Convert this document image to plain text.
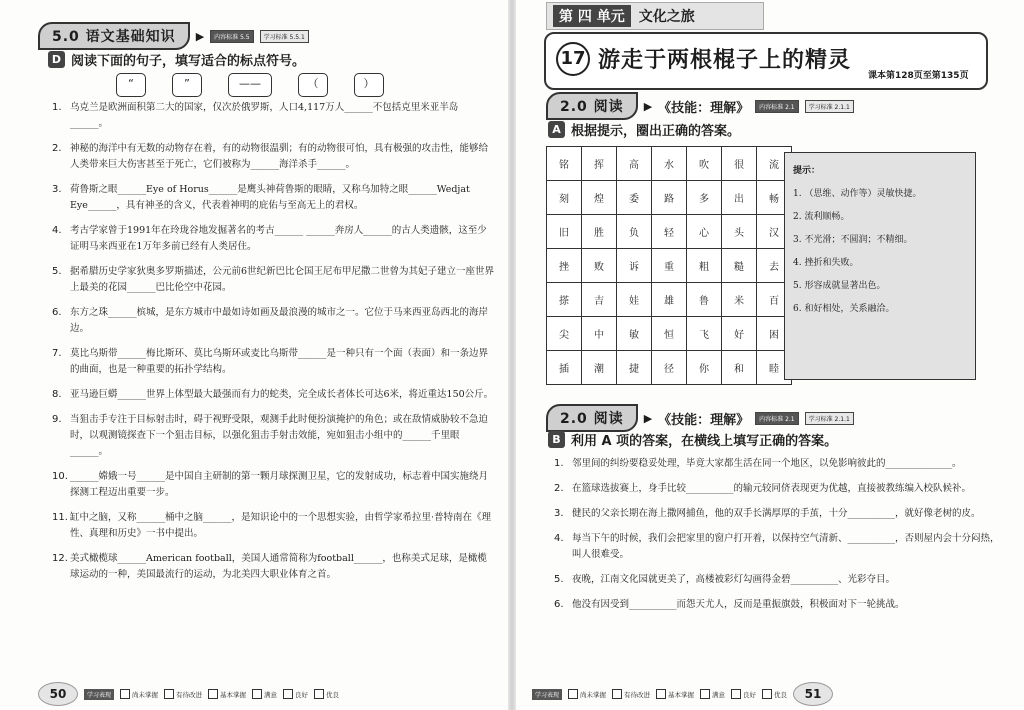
5.0 语文基础知识	▶	内容标准 5.5	学习标准 5.5.1
D 阅读下面的句子，填写适合的标点符号。
“	”	——	（	）
1. 乌克兰是欧洲面积第二大的国家，仅次於俄罗斯，人口4,117万人______不包括克里米亚半岛______。
2. 神秘的海洋中有无数的动物存在着，有的动物很温驯；有的动物很可怕，具有极强的攻击性，能够给人类带来巨大伤害甚至于死亡，它们被称为______海洋杀手______。
3. 荷鲁斯之眼______Eye of Horus______是鹰头神荷鲁斯的眼睛，又称乌加特之眼______Wedjat Eye______，具有神圣的含义，代表着神明的庇佑与至高无上的君权。
4. 考古学家曾于1991年在玲珑谷地发掘著名的考古______ ______奔房人______的古人类遗骸，这至少证明马来西亚在1万年多前已经有人类居住。
5. 据希腊历史学家狄奥多罗斯描述，公元前6世纪新巴比仑国王尼布甲尼撒二世曾为其妃子建立一座世界上最美的花园______巴比伦空中花园。
6. 东方之珠______槟城，是东方城市中最如诗如画及最浪漫的城市之一。它位于马来西亚岛西北的海岸边。
7. 莫比乌斯带______梅比斯环、莫比乌斯环或麦比乌斯带______是一种只有一个面（表面）和一条边界的曲面，也是一种重要的拓扑学结构。
8. 亚马逊巨蟒______世界上体型最大最强而有力的蛇类，完全成长者体长可达6米，将近重达150公斤。
9. 当狙击手专注于目标射击时，碍于视野受限，观测手此时便扮演掩护的角色；或在敌情威胁较不急迫时，以观测镜探查下一个狙击目标，以强化狙击手射击效能，宛如狙击小组中的______千里眼______。
10. ______嫦娥一号______是中国自主研制的第一颗月球探测卫星，它的发射成功，标志着中国实施绕月探测工程迈出重要一步。
11. 缸中之脑，又称______桶中之脑______，是知识论中的一个思想实验，由哲学家希拉里·普特南在《理性、真理和历史》一书中提出。
12. 美式橄榄球______American football，美国人通常简称为football______，也称美式足球，是橄榄球运动的一种，美国最流行的运动，为北美四大职业体育之首。
50	学习表现	尚未掌握	有待改进	基本掌握	满意	良好	优良
第 四 单元	文化之旅
17 游走于两根棍子上的精灵
课本第128页至第135页
2.0 阅读	▶ 《技能：理解》	内容标准 2.1	学习标准 2.1.1
A 根据提示，圈出正确的答案。
铭	挥	高	水	吹	很	流
刻	煌	委	路	多	出	畅
旧	胜	负	轻	心	头	汉
挫	败	诉	重	粗	糙	去
搽	吉	娃	雄	鲁	米	百
尖	中	敏	恒	飞	好	困
插	潮	捷	径	你	和	睦
提示：
1. （思维、动作等）灵敏快捷。
2. 流利顺畅。
3. 不光滑；不圆润；不精细。
4. 挫折和失败。
5. 形容成就显著出色。
6. 和好相处，关系融洽。
2.0 阅读	▶ 《技能：理解》	内容标准 2.1	学习标准 2.1.1
B 利用 A 项的答案，在横线上填写正确的答案。
1. 邻里间的纠纷要稳妥处理，毕竟大家都生活在同一个地区，以免影响彼此的______________。
2. 在篮球选拔赛上，身手比较__________的输元较同侪表现更为优越，直接被教练编入校队候补。
3. 健民的父亲长期在海上撒网捕鱼，他的双手长满厚厚的手茧，十分__________，就好像老树的皮。
4. 每当下午的时候，我们会把家里的窗户打开着，以保持空气清新、__________，否则屋内会十分闷热，叫人很难受。
5. 夜晚，江南文化园就更美了，高楼被彩灯勾画得金碧__________、光彩夺目。
6. 他没有因受到__________而怨天尤人，反而是重振旗鼓，积极面对下一轮挑战。
学习表现	尚未掌握	有待改进	基本掌握	满意	良好	优良	51
